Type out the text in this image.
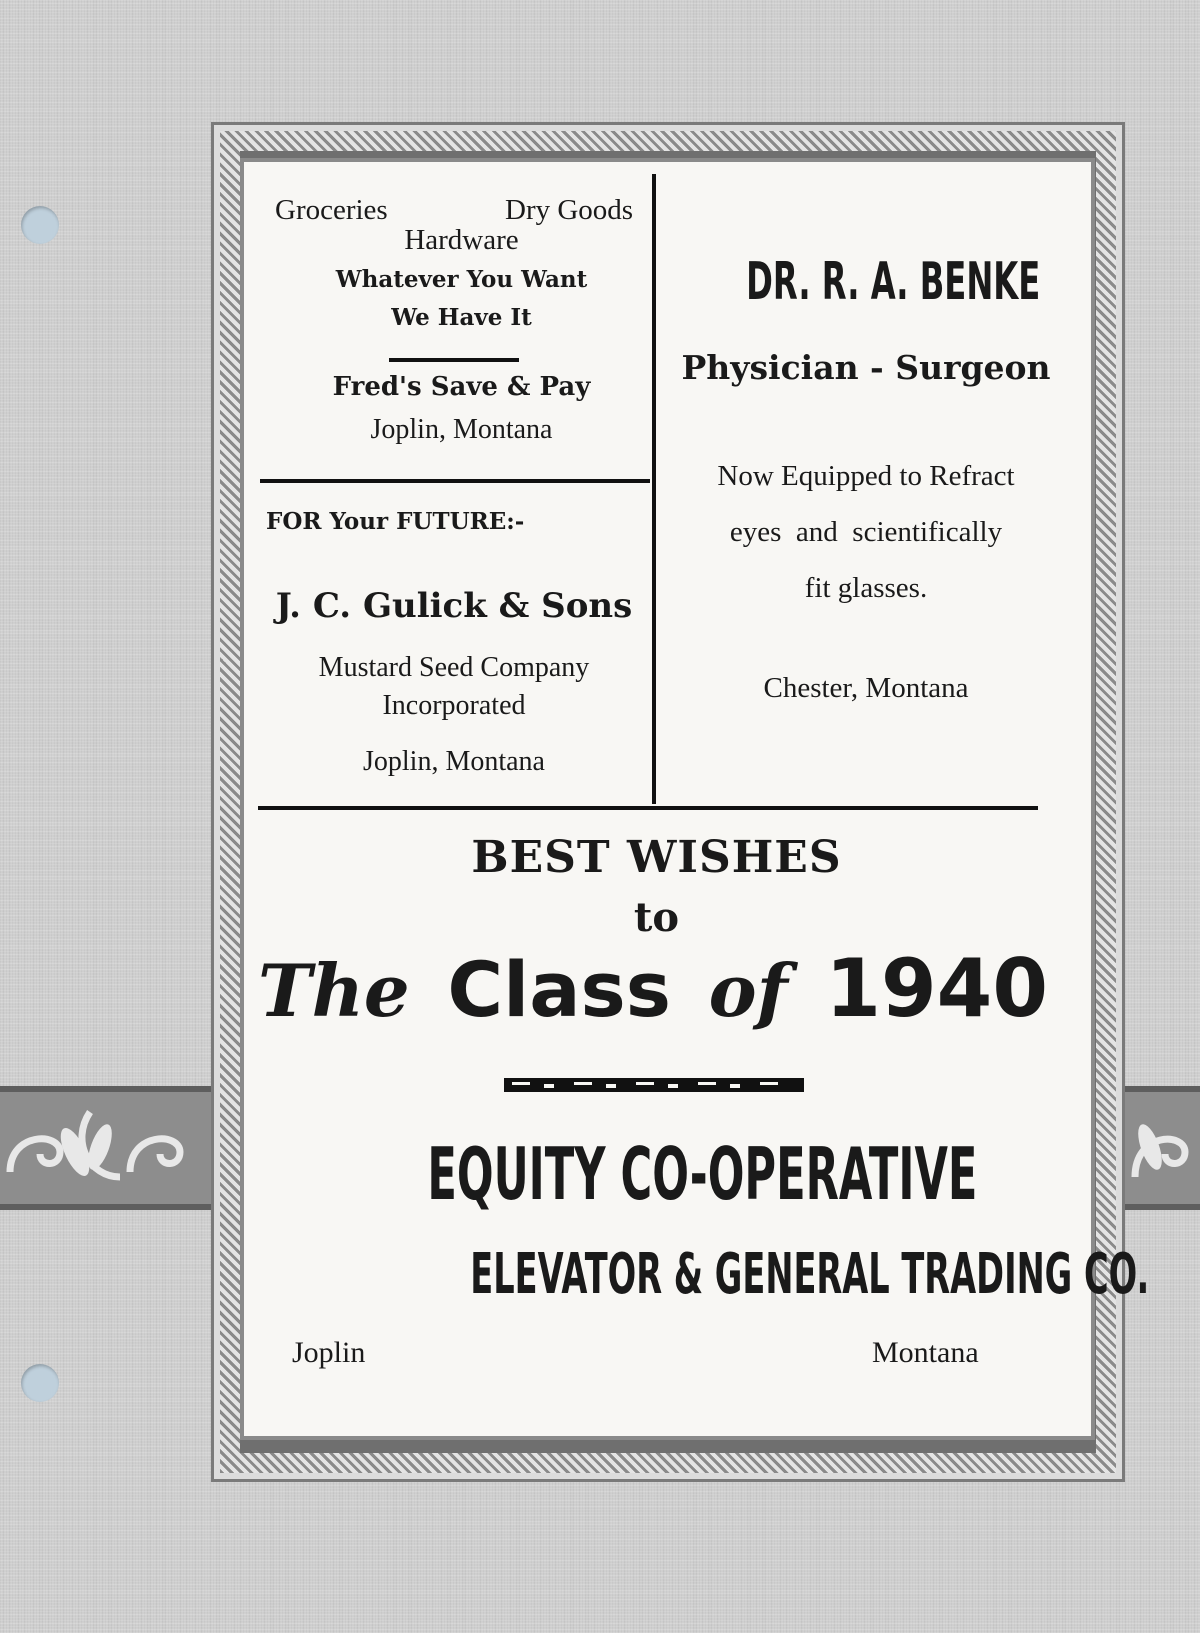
Groceries	Dry Goods
Hardware
Whatever You Want
We Have It
Fred's Save & Pay
Joplin, Montana
FOR Your FUTURE:-
J. C. Gulick & Sons
Mustard Seed Company
Incorporated
Joplin, Montana
DR. R. A. BENKE
Physician - Surgeon
Now Equipped to Refract
eyes  and  scientifically
fit glasses.
Chester, Montana
BEST WISHES
to
The Class of 1940
EQUITY CO-OPERATIVE
ELEVATOR & GENERAL TRADING CO.
Joplin	Montana
